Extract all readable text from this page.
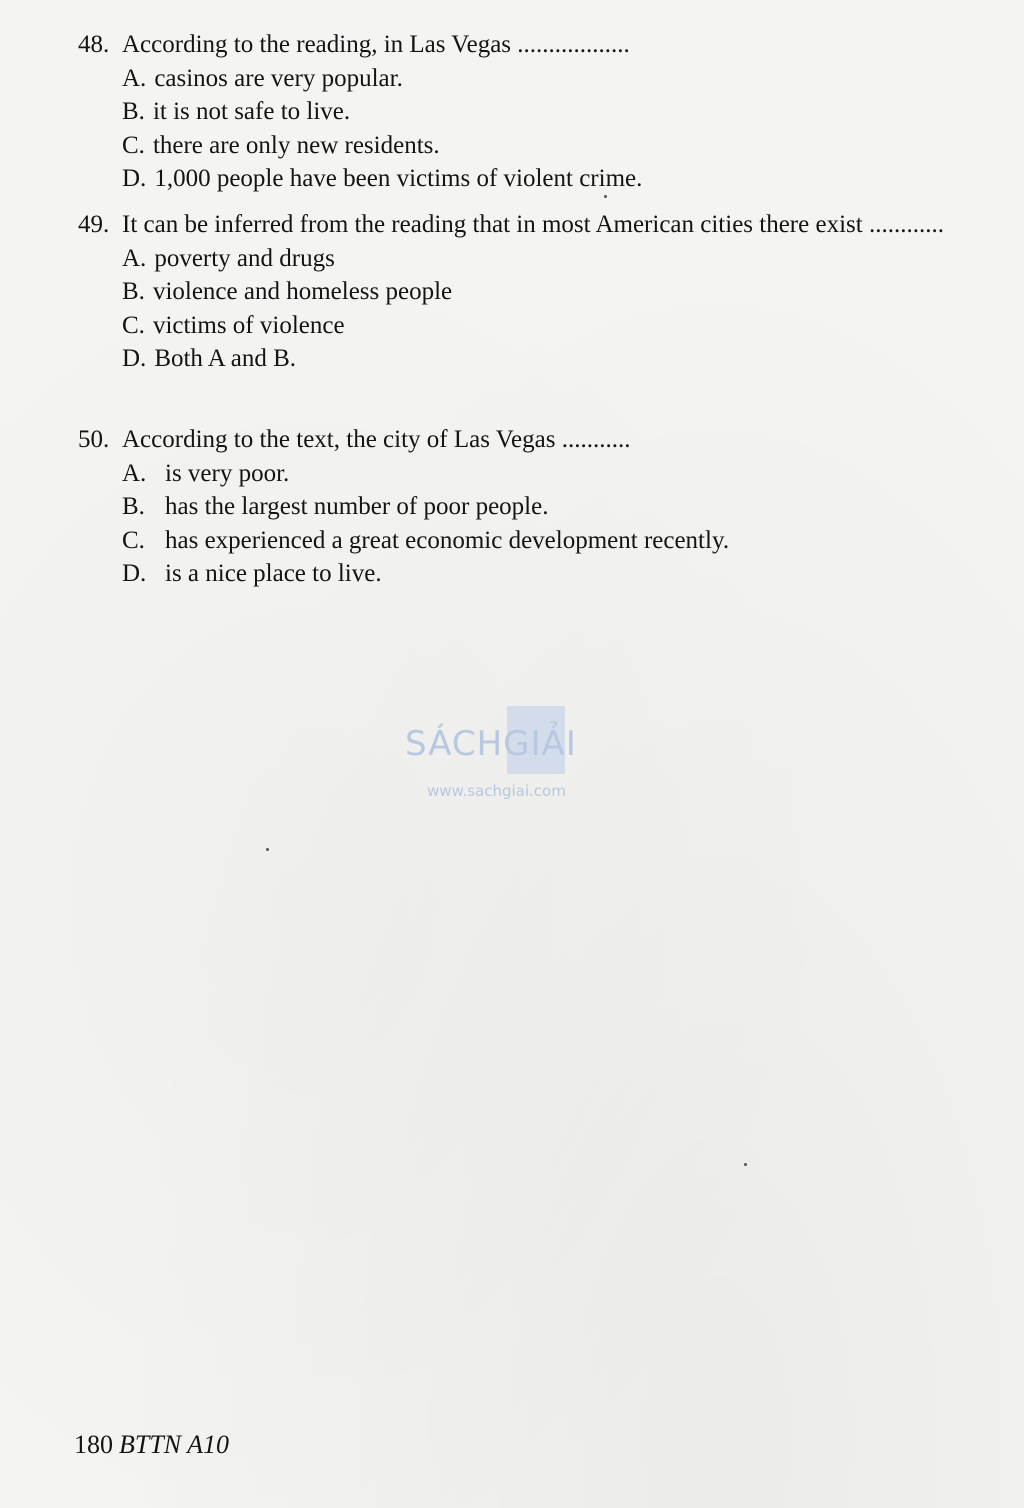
48. According to the reading, in Las Vegas ..................
A. casinos are very popular.
B. it is not safe to live.
C. there are only new residents.
D. 1,000 people have been victims of violent crime.
49. It can be inferred from the reading that in most American cities there exist ............
A. poverty and drugs
B. violence and homeless people
C. victims of violence
D. Both A and B.
50. According to the text, the city of Las Vegas ...........
A. is very poor.
B. has the largest number of poor people.
C. has experienced a great economic development recently.
D. is a nice place to live.
SÁCHGIẢI
www.sachgiai.com
180 BTTN A10
